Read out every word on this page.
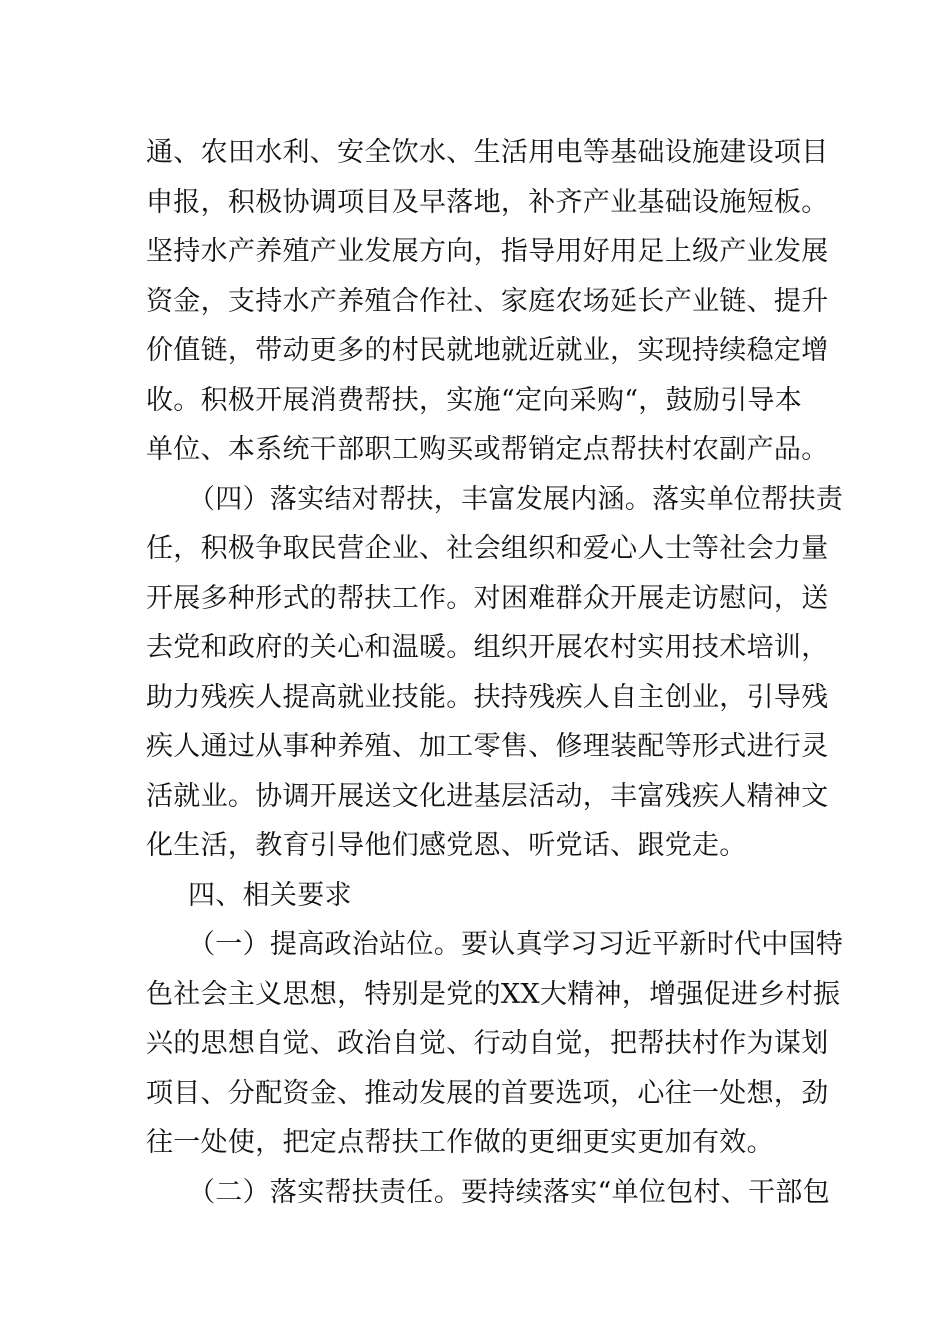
通、农田水利、安全饮水、生活用电等基础设施建设项目
申报，积极协调项目及早落地，补齐产业基础设施短板。
坚持水产养殖产业发展方向，指导用好用足上级产业发展
资金，支持水产养殖合作社、家庭农场延长产业链、提升
价值链，带动更多的村民就地就近就业，实现持续稳定增
收。积极开展消费帮扶，实施“定向采购“，鼓励引导本
单位、本系统干部职工购买或帮销定点帮扶村农副产品。
（四）落实结对帮扶，丰富发展内涵。落实单位帮扶责
任，积极争取民营企业、社会组织和爱心人士等社会力量
开展多种形式的帮扶工作。对困难群众开展走访慰问，送
去党和政府的关心和温暖。组织开展农村实用技术培训，
助力残疾人提高就业技能。扶持残疾人自主创业，引导残
疾人通过从事种养殖、加工零售、修理装配等形式进行灵
活就业。协调开展送文化进基层活动，丰富残疾人精神文
化生活，教育引导他们感党恩、听党话、跟党走。
四、相关要求
（一）提高政治站位。要认真学习习近平新时代中国特
色社会主义思想，特别是党的XX大精神，增强促进乡村振
兴的思想自觉、政治自觉、行动自觉，把帮扶村作为谋划
项目、分配资金、推动发展的首要选项，心往一处想，劲
往一处使，把定点帮扶工作做的更细更实更加有效。
（二）落实帮扶责任。要持续落实“单位包村、干部包
